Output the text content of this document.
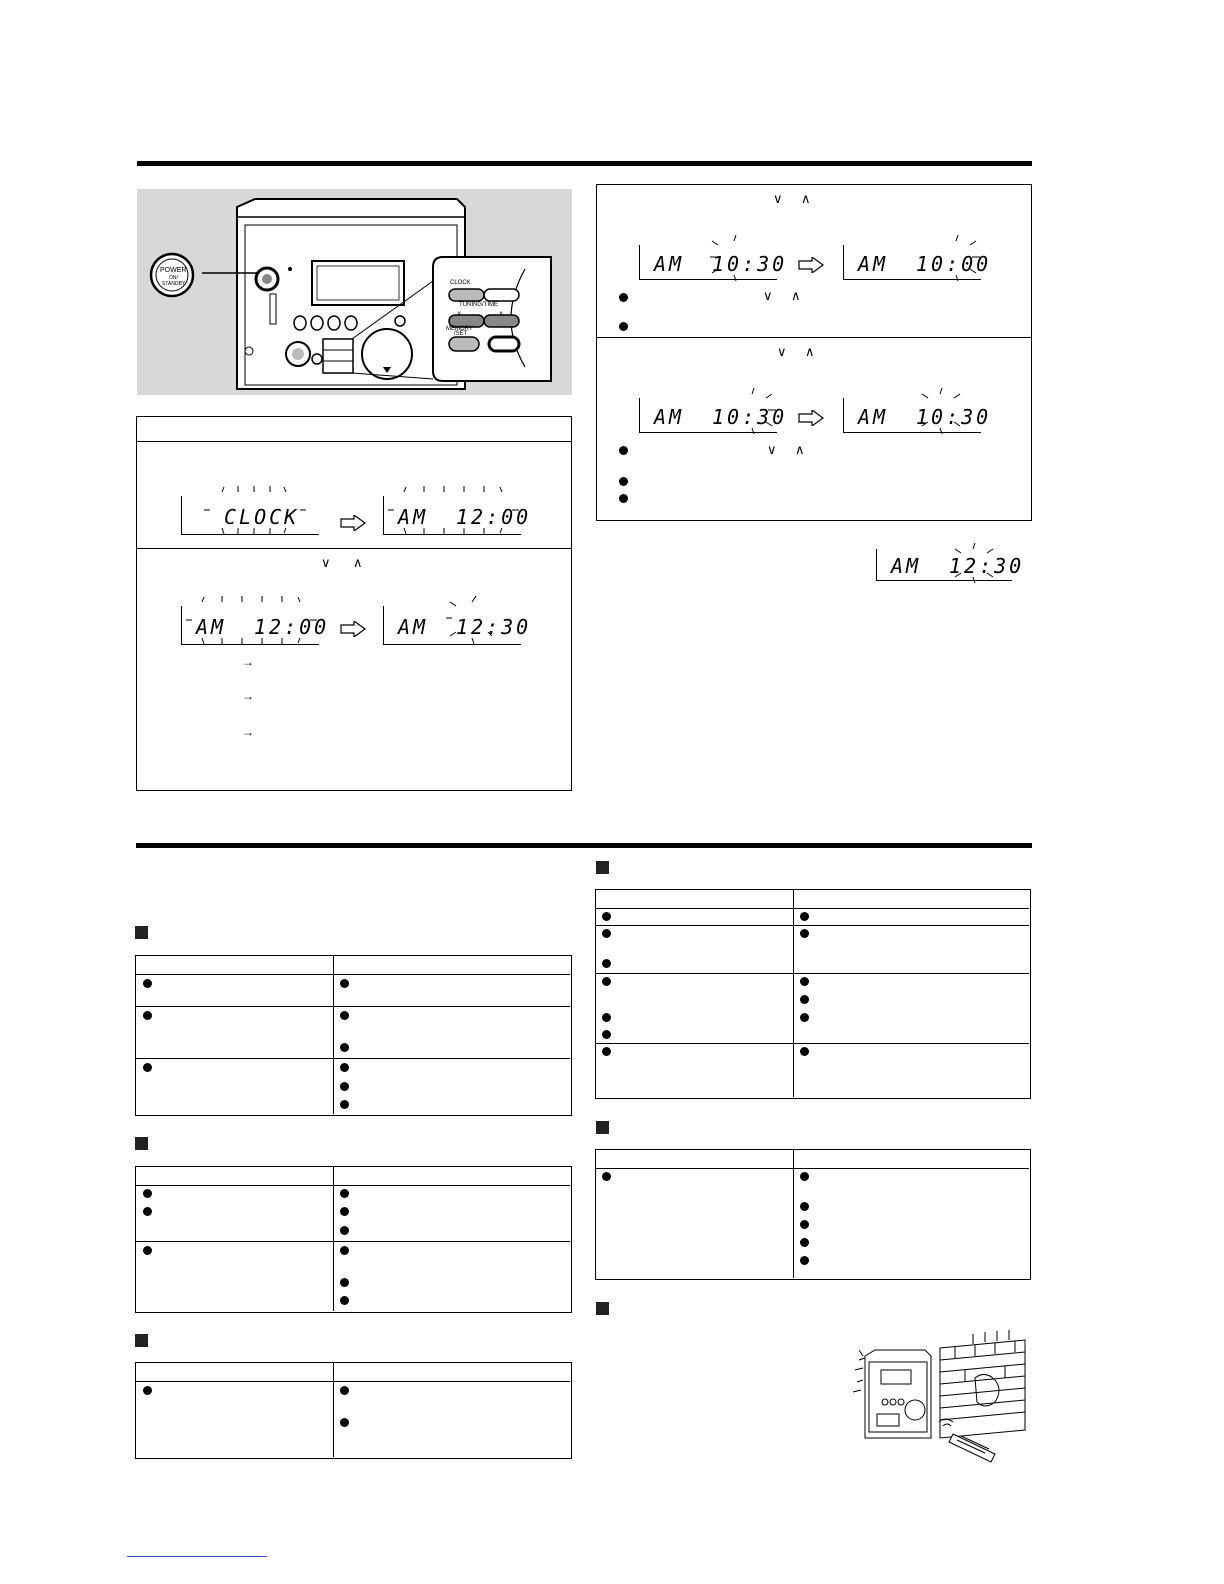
POWER
ON/
STANDBY	CLOCK
TUNING/TIME
MEMORY
/SET
∨	∧
CLOCK	AM 12:00
∨ ∧
AM 12:00	AM 12:30
→
→
→
∨ ∧
AM 10:30	AM 10:00
∨ ∧
∨ ∧
AM 10:30	AM 10:30
∨ ∧
AM 12:30
